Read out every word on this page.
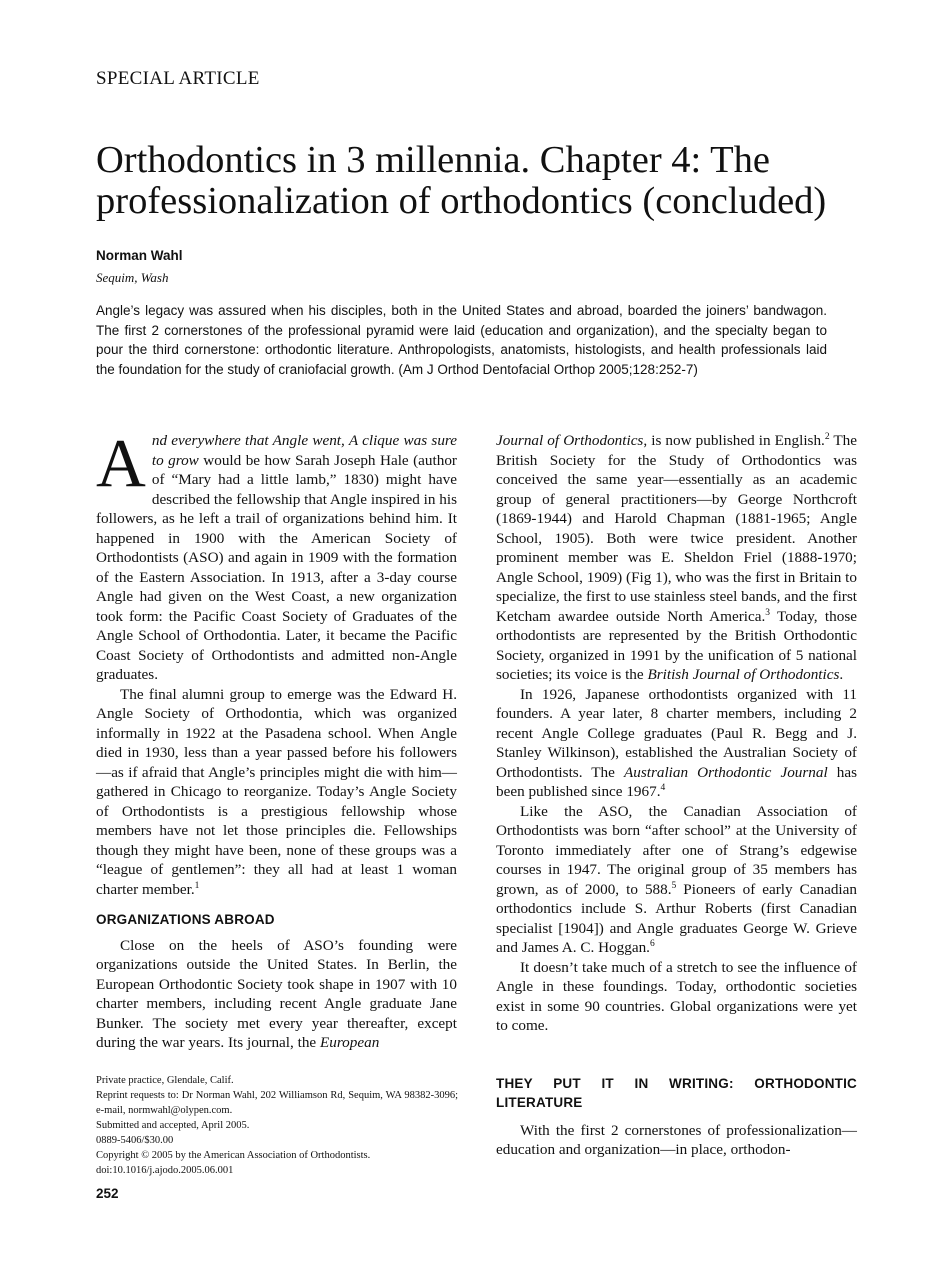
SPECIAL ARTICLE
Orthodontics in 3 millennia. Chapter 4: The professionalization of orthodontics (concluded)
Norman Wahl
Sequim, Wash

Angle’s legacy was assured when his disciples, both in the United States and abroad, boarded the joiners’ bandwagon. The first 2 cornerstones of the professional pyramid were laid (education and organization), and the specialty began to pour the third cornerstone: orthodontic literature. Anthropologists, anatomists, histologists, and health professionals laid the foundation for the study of craniofacial growth. (Am J Orthod Dentofacial Orthop 2005;128:252-7)

And everywhere that Angle went, A clique was sure to grow would be how Sarah Joseph Hale (author of “Mary had a little lamb,” 1830) might have described the fellowship that Angle inspired in his followers, as he left a trail of organizations behind him. It happened in 1900 with the American Society of Orthodontists (ASO) and again in 1909 with the formation of the Eastern Association. In 1913, after a 3-day course Angle had given on the West Coast, a new organization took form: the Pacific Coast Society of Graduates of the Angle School of Orthodontia. Later, it became the Pacific Coast Society of Orthodontists and admitted non-Angle graduates.

The final alumni group to emerge was the Edward H. Angle Society of Orthodontia, which was organized informally in 1922 at the Pasadena school. When Angle died in 1930, less than a year passed before his followers—as if afraid that Angle’s principles might die with him—gathered in Chicago to reorganize. Today’s Angle Society of Orthodontists is a prestigious fellowship whose members have not let those principles die. Fellowships though they might have been, none of these groups was a “league of gentlemen”: they all had at least 1 woman charter member.$^1$

ORGANIZATIONS ABROAD

Close on the heels of ASO’s founding were organizations outside the United States. In Berlin, the European Orthodontic Society took shape in 1907 with 10 charter members, including recent Angle graduate Jane Bunker. The society met every year thereafter, except during the war years. Its journal, the European

Journal of Orthodontics, is now published in English.$^2$ The British Society for the Study of Orthodontics was conceived the same year—essentially as an academic group of general practitioners—by George Northcroft (1869-1944) and Harold Chapman (1881-1965; Angle School, 1905). Both were twice president. Another prominent member was E. Sheldon Friel (1888-1970; Angle School, 1909) (Fig 1), who was the first in Britain to specialize, the first to use stainless steel bands, and the first Ketcham awardee outside North America.$^3$ Today, those orthodontists are represented by the British Orthodontic Society, organized in 1991 by the unification of 5 national societies; its voice is the British Journal of Orthodontics.

In 1926, Japanese orthodontists organized with 11 founders. A year later, 8 charter members, including 2 recent Angle College graduates (Paul R. Begg and J. Stanley Wilkinson), established the Australian Society of Orthodontists. The Australian Orthodontic Journal has been published since 1967.$^4$

Like the ASO, the Canadian Association of Orthodontists was born “after school” at the University of Toronto immediately after one of Strang’s edgewise courses in 1947. The original group of 35 members has grown, as of 2000, to 588.$^5$ Pioneers of early Canadian orthodontics include S. Arthur Roberts (first Canadian specialist [1904]) and Angle graduates George W. Grieve and James A. C. Hoggan.$^6$

It doesn’t take much of a stretch to see the influence of Angle in these foundings. Today, orthodontic societies exist in some 90 countries. Global organizations were yet to come.

THEY PUT IT IN WRITING: ORTHODONTIC LITERATURE

With the first 2 cornerstones of professionalization—education and organization—in place, orthodon-

Private practice, Glendale, Calif.
Reprint requests to: Dr Norman Wahl, 202 Williamson Rd, Sequim, WA 98382-3096; e-mail, normwahl@olypen.com.
Submitted and accepted, April 2005.
0889-5406/$30.00
Copyright © 2005 by the American Association of Orthodontists.
doi:10.1016/j.ajodo.2005.06.001
252
